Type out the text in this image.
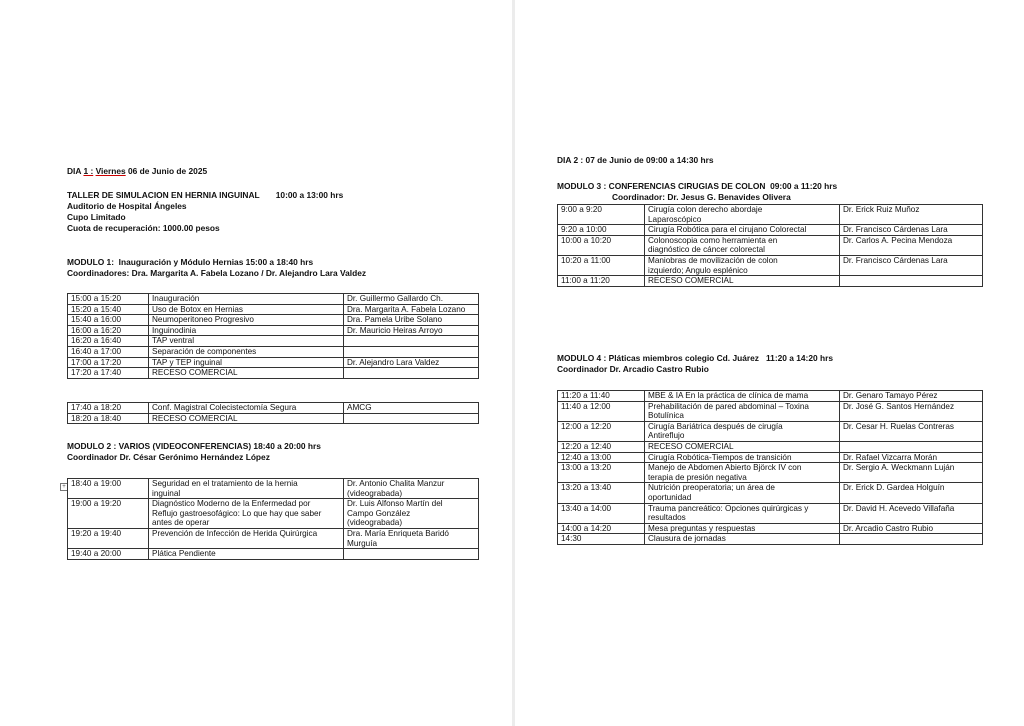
DIA 1 : Viernes 06 de Junio de 2025
TALLER DE SIMULACION EN HERNIA INGUINAL       10:00 a 13:00 hrs
Auditorio de Hospital Ángeles
Cupo Limitado
Cuota de recuperación: 1000.00 pesos
MODULO 1:  Inauguración y Módulo Hernias 15:00 a 18:40 hrs
Coordinadores: Dra. Margarita A. Fabela Lozano / Dr. Alejandro Lara Valdez
15:00 a 15:20	Inauguración	Dr. Guillermo Gallardo Ch.
15:20 a 15:40	Uso de Botox en Hernias	Dra. Margarita A. Fabela Lozano
15:40 a 16:00	Neumoperitoneo Progresivo	Dra. Pamela Uribe Solano
16:00 a 16:20	Inguinodinia	Dr. Mauricio Heiras Arroyo
16:20 a 16:40	TAP ventral	
16:40 a 17:00	Separación de componentes	
17:00 a 17:20	TAP y TEP inguinal	Dr. Alejandro Lara Valdez
17:20 a 17:40	RECESO COMERCIAL	
17:40 a 18:20	Conf. Magistral Colecistectomía Segura	AMCG
18:20 a 18:40	RECESO COMERCIAL	
MODULO 2 : VARIOS (VIDEOCONFERENCIAS) 18:40 a 20:00 hrs
Coordinador Dr. César Gerónimo Hernández López
+ 18:40 a 19:00	Seguridad en el tratamiento de la hernia
inguinal	Dr. Antonio Chalita Manzur
(videograbada)
19:00 a 19:20	Diagnóstico Moderno de la Enfermedad por
Reflujo gastroesofágico: Lo que hay que saber
antes de operar	Dr. Luis Alfonso Martín del
Campo González
(videograbada)
19:20 a 19:40	Prevención de Infección de Herida Quirúrgica	Dra. María Enriqueta Baridó
Murguía
19:40 a 20:00	Plática Pendiente	
DIA 2 : 07 de Junio de 09:00 a 14:30 hrs
MODULO 3 : CONFERENCIAS CIRUGIAS DE COLON  09:00 a 11:20 hrs
Coordinador: Dr. Jesus G. Benavides Olivera
9:00 a 9:20	Cirugía colon derecho abordaje
Laparoscópico	Dr. Erick Ruiz Muñoz
9:20 a 10:00	Cirugía Robótica para el cirujano Colorectal	Dr. Francisco Cárdenas Lara
10:00 a 10:20	Colonoscopia como herramienta en
diagnóstico de cáncer colorectal	Dr. Carlos A. Pecina Mendoza
10:20 a 11:00	Maniobras de movilización de colon
izquierdo; Angulo esplénico	Dr. Francisco Cárdenas Lara
11:00 a 11:20	RECESO COMERCIAL	
MODULO 4 : Pláticas miembros colegio Cd. Juárez   11:20 a 14:20 hrs
Coordinador Dr. Arcadio Castro Rubio
11:20 a 11:40	MBE & IA En la práctica de clínica de mama	Dr. Genaro Tamayo Pérez
11:40 a 12:00	Prehabilitación de pared abdominal – Toxina
Botulínica	Dr. José G. Santos Hernández
12:00 a 12:20	Cirugía Bariátrica después de cirugía
Antireflujo	Dr. Cesar H. Ruelas Contreras
12:20 a 12:40	RECESO COMERCIAL	
12:40 a 13:00	Cirugía Robótica-Tiempos de transición	Dr. Rafael Vizcarra Morán
13:00 a 13:20	Manejo de Abdomen Abierto Björck IV con
terapia de presión negativa	Dr. Sergio A. Weckmann Luján
13:20 a 13:40	Nutrición preoperatoria; un área de
oportunidad	Dr. Erick D. Gardea Holguín
13:40 a 14:00	Trauma pancreático: Opciones quirúrgicas y
resultados	Dr. David H. Acevedo Villafaña
14:00 a 14:20	Mesa preguntas y respuestas	Dr. Arcadio Castro Rubio
14:30	Clausura de jornadas	
